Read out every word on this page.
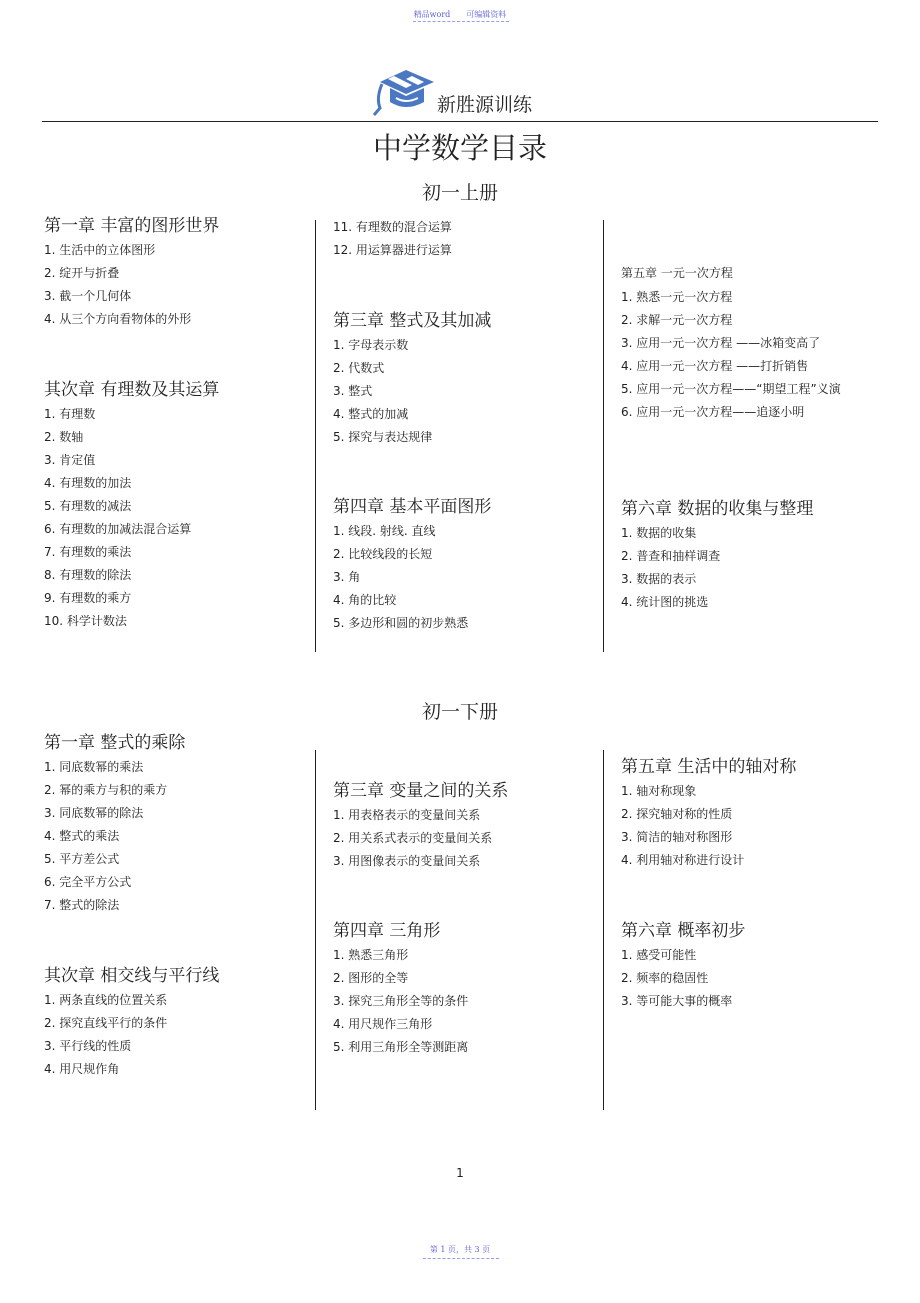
精品word 可编辑资料
新胜源训练
中学数学目录
初一上册
初一下册
第一章 丰富的图形世界
1. 生活中的立体图形
2. 绽开与折叠
3. 截一个几何体
4. 从三个方向看物体的外形
其次章 有理数及其运算
1. 有理数
2. 数轴
3. 肯定值
4. 有理数的加法
5. 有理数的减法
6. 有理数的加减法混合运算
7. 有理数的乘法
8. 有理数的除法
9. 有理数的乘方
10. 科学计数法
11. 有理数的混合运算
12. 用运算器进行运算
第三章 整式及其加减
1. 字母表示数
2. 代数式
3. 整式
4. 整式的加减
5. 探究与表达规律
第四章 基本平面图形
1. 线段. 射线. 直线
2. 比较线段的长短
3. 角
4. 角的比较
5. 多边形和圆的初步熟悉
第五章 一元一次方程
1. 熟悉一元一次方程
2. 求解一元一次方程
3. 应用一元一次方程 ——冰箱变高了
4. 应用一元一次方程 ——打折销售
5. 应用一元一次方程——“期望工程”义演
6. 应用一元一次方程——追逐小明
第六章 数据的收集与整理
1. 数据的收集
2. 普查和抽样调查
3. 数据的表示
4. 统计图的挑选
第一章 整式的乘除
1. 同底数幂的乘法
2. 幂的乘方与积的乘方
3. 同底数幂的除法
4. 整式的乘法
5. 平方差公式
6. 完全平方公式
7. 整式的除法
其次章 相交线与平行线
1. 两条直线的位置关系
2. 探究直线平行的条件
3. 平行线的性质
4. 用尺规作角
第三章 变量之间的关系
1. 用表格表示的变量间关系
2. 用关系式表示的变量间关系
3. 用图像表示的变量间关系
第四章 三角形
1. 熟悉三角形
2. 图形的全等
3. 探究三角形全等的条件
4. 用尺规作三角形
5. 利用三角形全等测距离
第五章 生活中的轴对称
1. 轴对称现象
2. 探究轴对称的性质
3. 简洁的轴对称图形
4. 利用轴对称进行设计
第六章 概率初步
1. 感受可能性
2. 频率的稳固性
3. 等可能大事的概率
1
第 1 页，共 3 页
